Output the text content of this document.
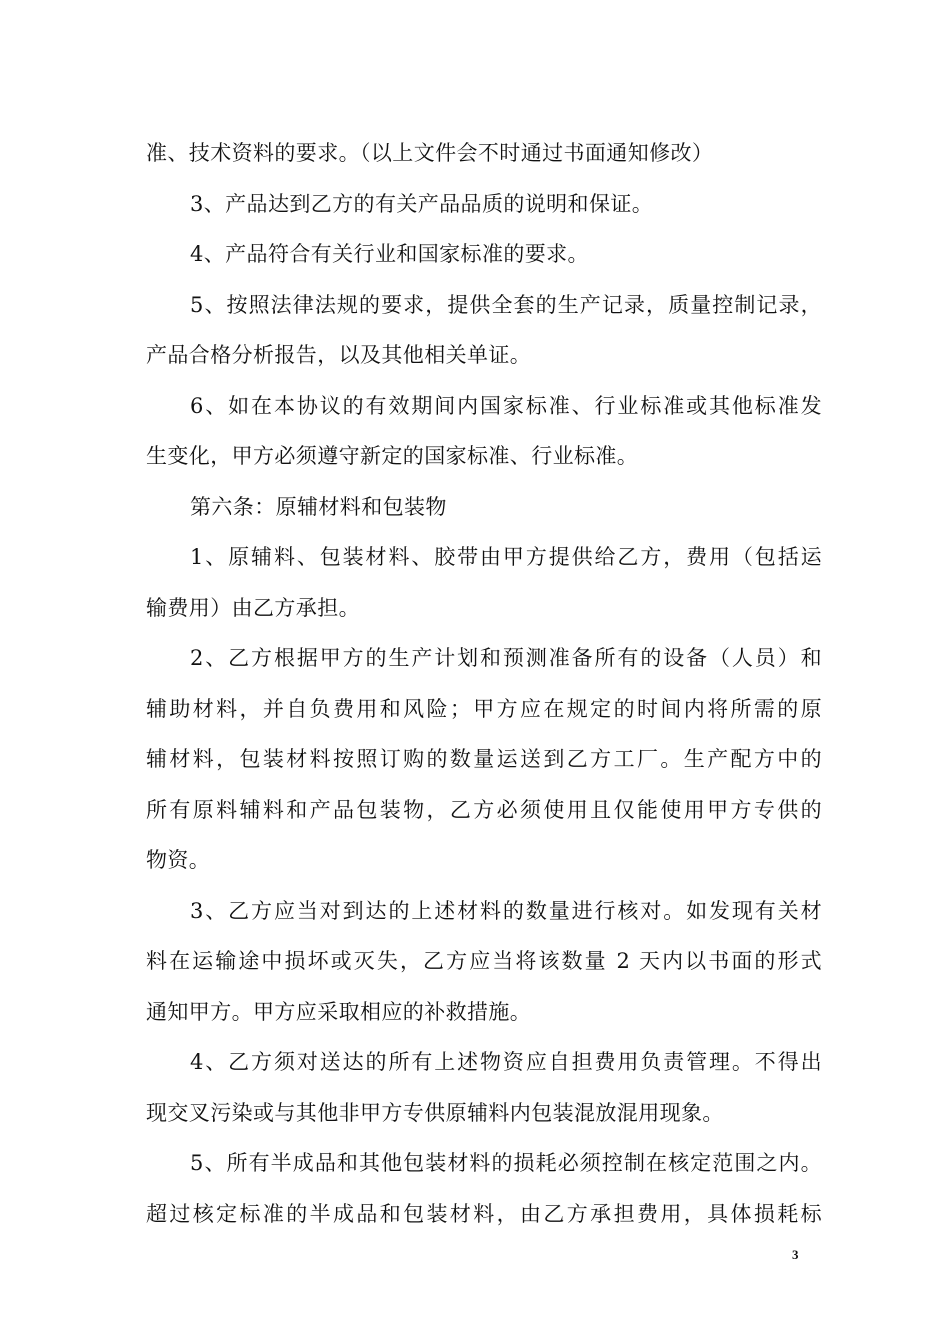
准、技术资料的要求。（以上文件会不时通过书面通知修改）
3、产品达到乙方的有关产品品质的说明和保证。
4、产品符合有关行业和国家标准的要求。
5、按照法律法规的要求，提供全套的生产记录，质量控制记录，
产品合格分析报告，以及其他相关单证。
6、如在本协议的有效期间内国家标准、行业标准或其他标准发
生变化，甲方必须遵守新定的国家标准、行业标准。
第六条：原辅材料和包装物
1、原辅料、包装材料、胶带由甲方提供给乙方，费用（包括运
输费用）由乙方承担。
2、乙方根据甲方的生产计划和预测准备所有的设备（人员）和
辅助材料，并自负费用和风险；甲方应在规定的时间内将所需的原
辅材料，包装材料按照订购的数量运送到乙方工厂。生产配方中的
所有原料辅料和产品包装物，乙方必须使用且仅能使用甲方专供的
物资。
3、乙方应当对到达的上述材料的数量进行核对。如发现有关材
料在运输途中损坏或灭失，乙方应当将该数量 2 天内以书面的形式
通知甲方。甲方应采取相应的补救措施。
4、乙方须对送达的所有上述物资应自担费用负责管理。不得出
现交叉污染或与其他非甲方专供原辅料内包装混放混用现象。
5、所有半成品和其他包装材料的损耗必须控制在核定范围之内。
超过核定标准的半成品和包装材料，由乙方承担费用，具体损耗标
3
